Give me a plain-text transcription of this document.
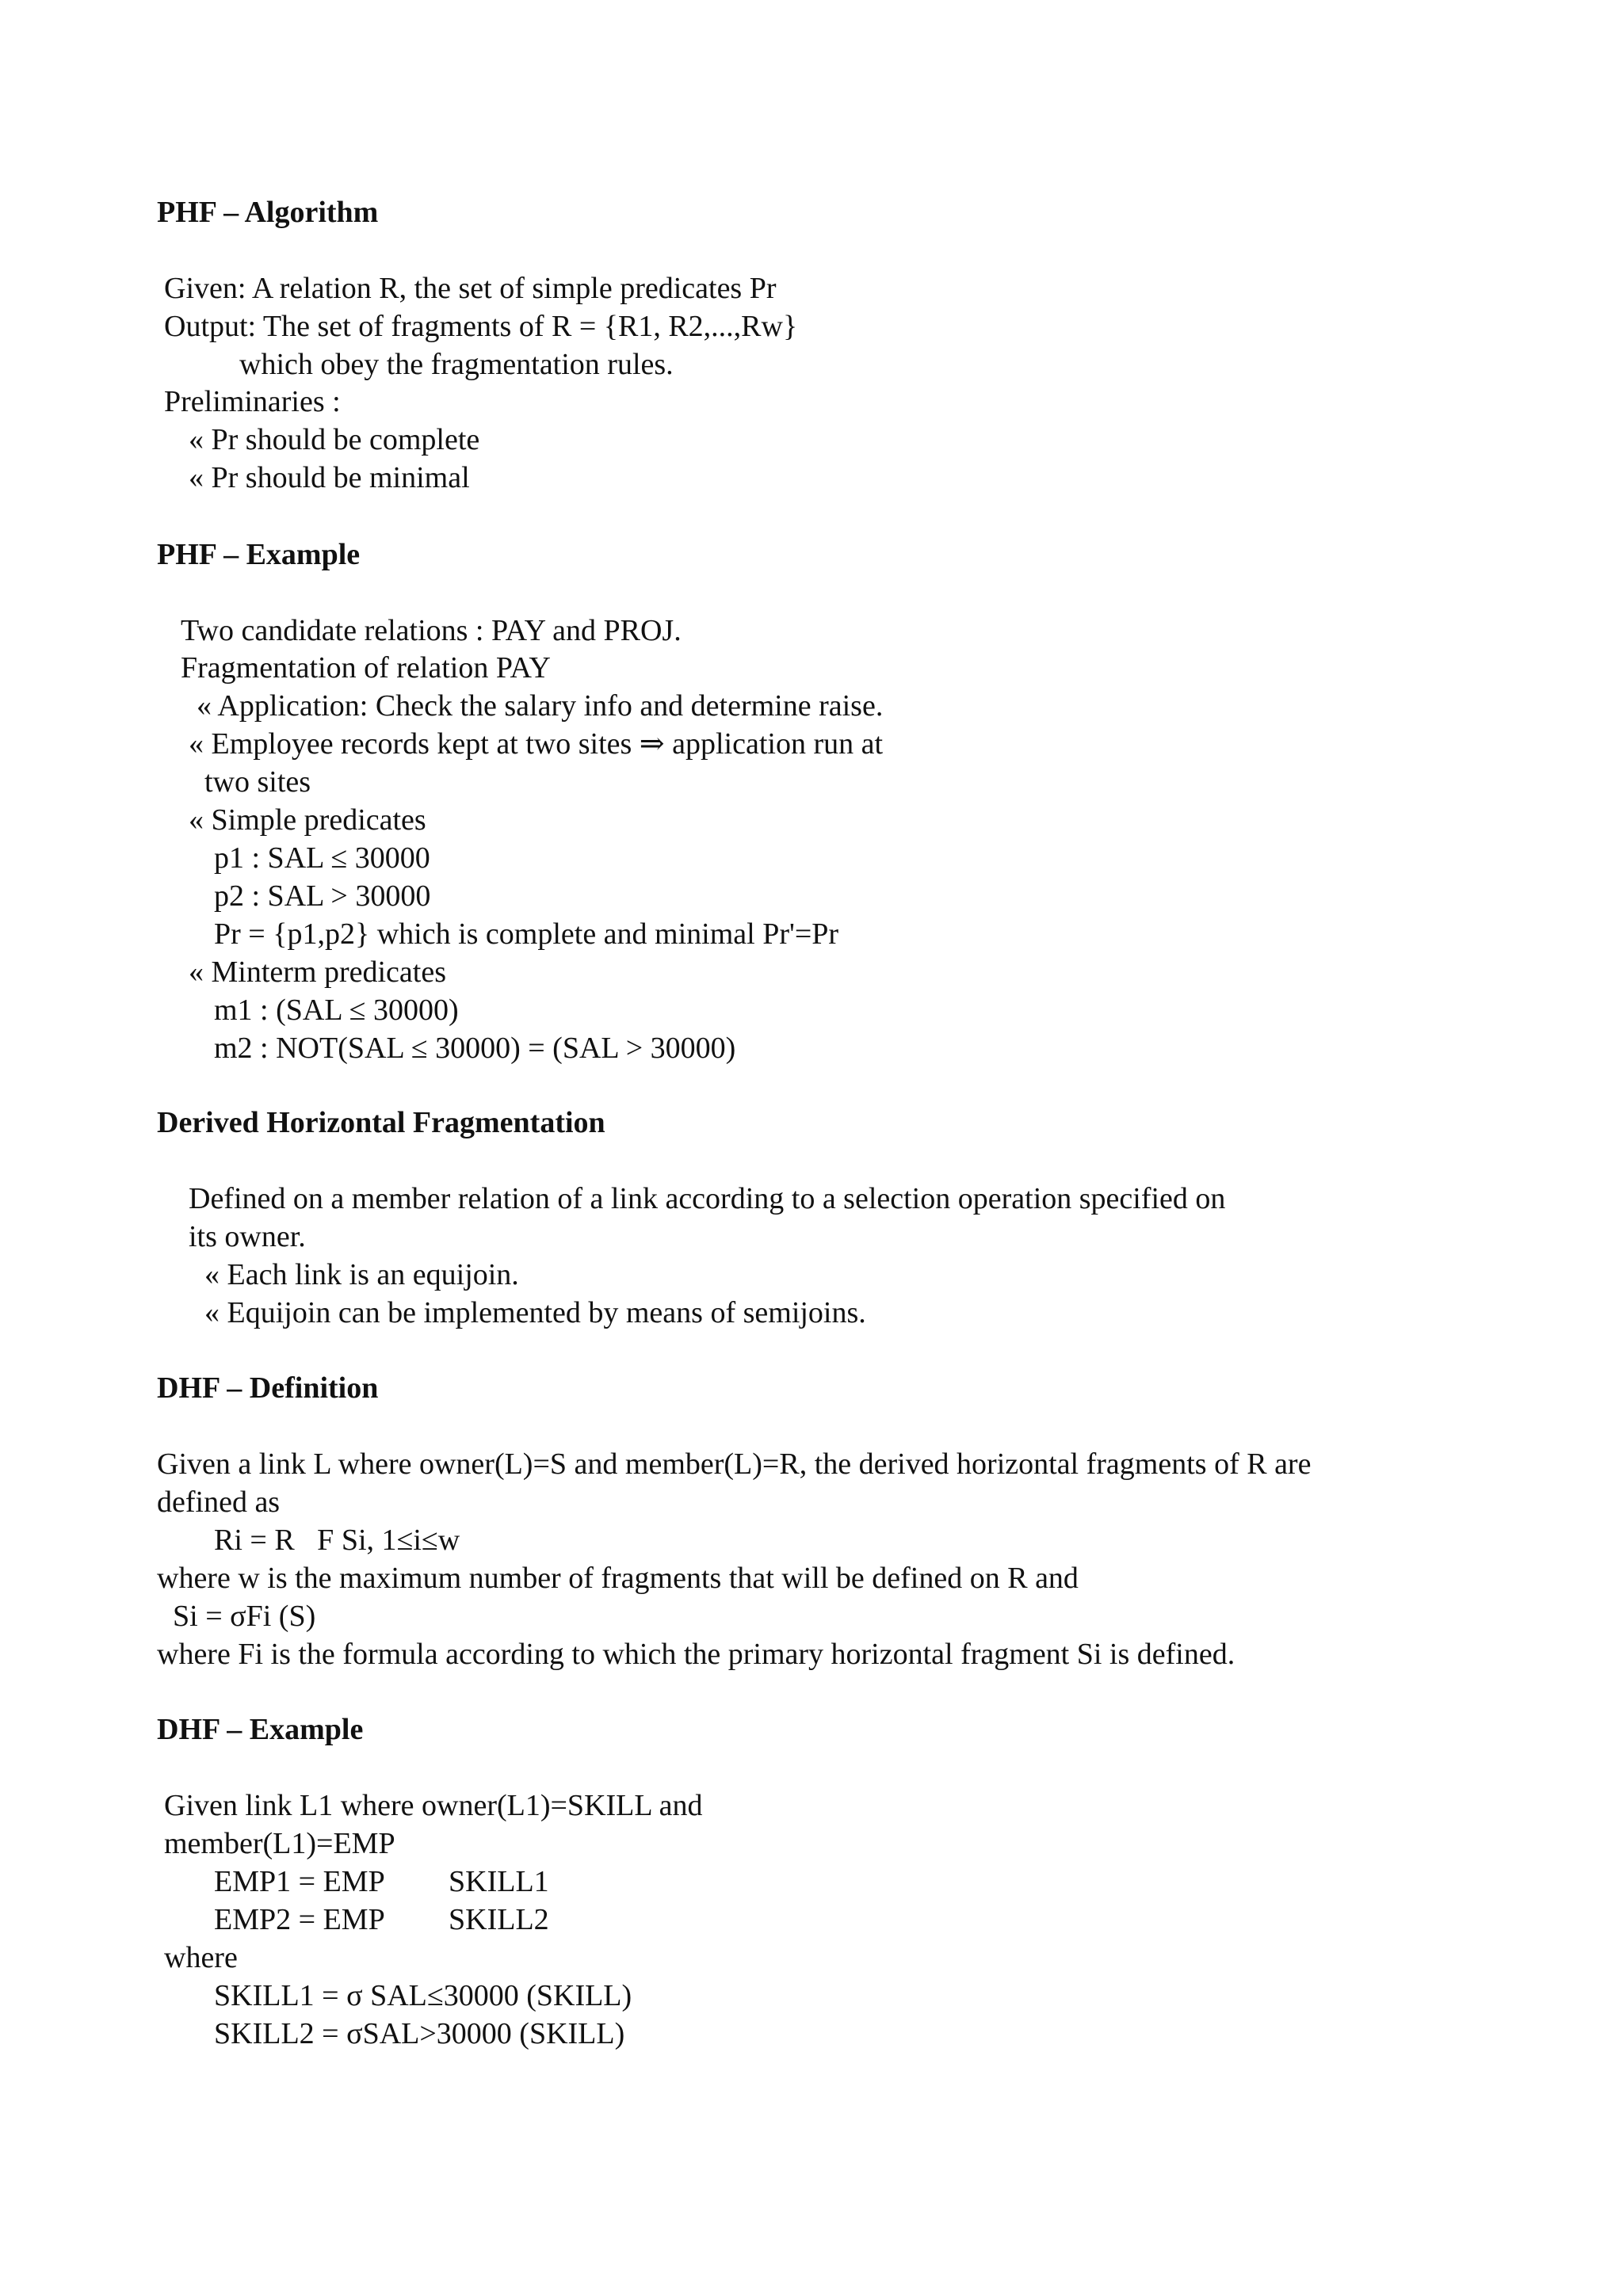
PHF – Algorithm
Given: A relation R, the set of simple predicates Pr
Output: The set of fragments of R = {R1, R2,...,Rw}
which obey the fragmentation rules.
Preliminaries :
« Pr should be complete
« Pr should be minimal
PHF – Example
Two candidate relations : PAY and PROJ.
Fragmentation of relation PAY
« Application: Check the salary info and determine raise.
« Employee records kept at two sites ⇒ application run at
two sites
« Simple predicates
p1 : SAL ≤ 30000
p2 : SAL > 30000
Pr = {p1,p2} which is complete and minimal Pr'=Pr
« Minterm predicates
m1 : (SAL ≤ 30000)
m2 : NOT(SAL ≤ 30000) = (SAL > 30000)
Derived Horizontal Fragmentation
Defined on a member relation of a link according to a selection operation specified on
its owner.
« Each link is an equijoin.
« Equijoin can be implemented by means of semijoins.
DHF – Definition
Given a link L where owner(L)=S and member(L)=R, the derived horizontal fragments of R are
defined as
Ri = R   F Si, 1≤i≤w
where w is the maximum number of fragments that will be defined on R and
Si = σFi (S)
where Fi is the formula according to which the primary horizontal fragment Si is defined.
DHF – Example
Given link L1 where owner(L1)=SKILL and
member(L1)=EMP
EMP1 = EMP SKILL1
EMP2 = EMP SKILL2
where
SKILL1 = σ SAL≤30000 (SKILL)
SKILL2 = σSAL>30000 (SKILL)
